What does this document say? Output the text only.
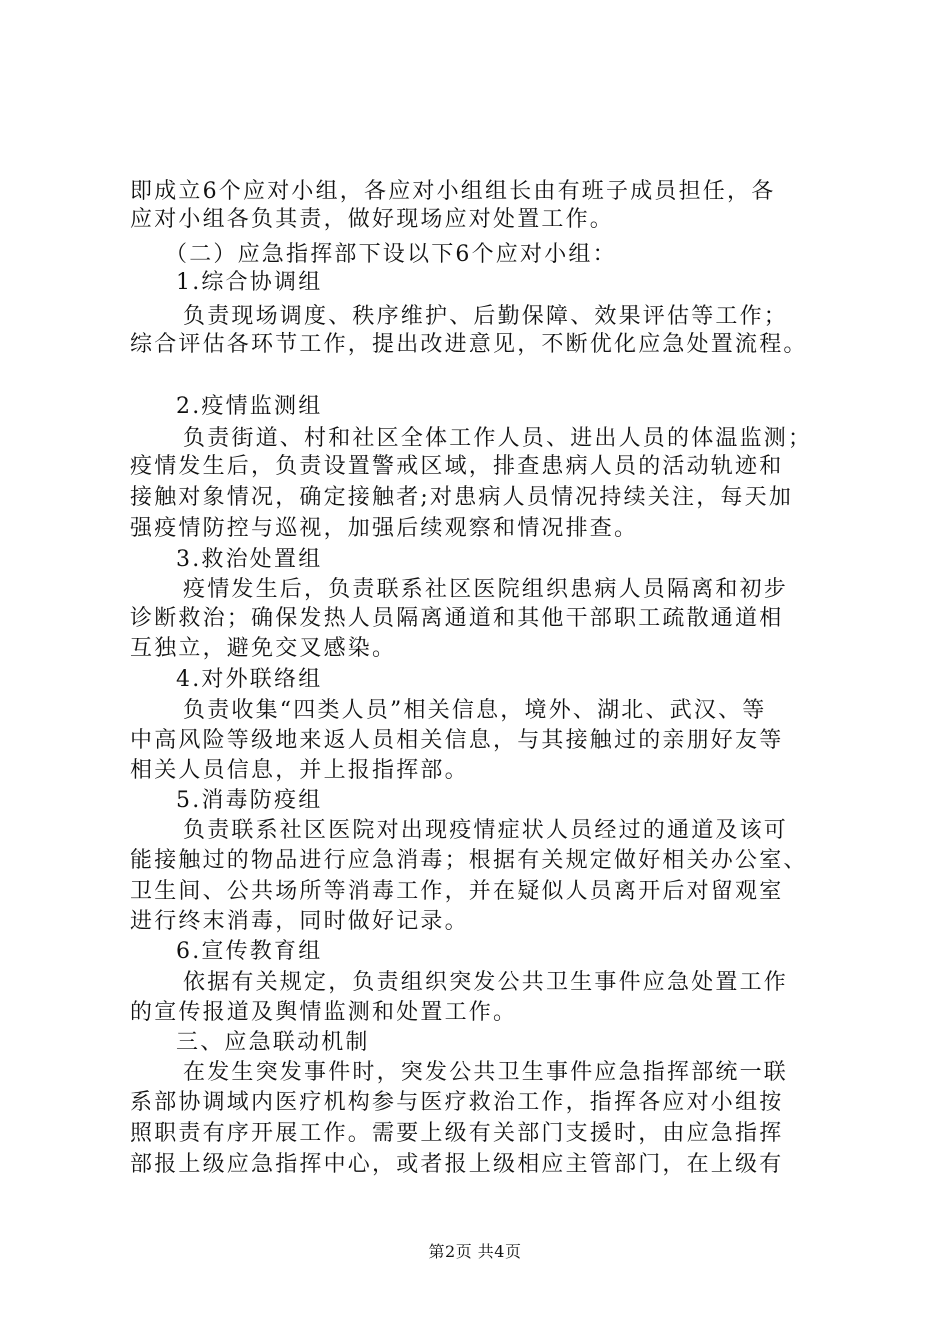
即成立6个应对小组，各应对小组组长由有班子成员担任，各
应对小组各负其责，做好现场应对处置工作。
（二）应急指挥部下设以下6个应对小组：
1.综合协调组
负责现场调度、秩序维护、后勤保障、效果评估等工作；
综合评估各环节工作，提出改进意见，不断优化应急处置流程。
2.疫情监测组
负责街道、村和社区全体工作人员、进出人员的体温监测；
疫情发生后，负责设置警戒区域，排查患病人员的活动轨迹和
接触对象情况，确定接触者;对患病人员情况持续关注，每天加
强疫情防控与巡视，加强后续观察和情况排查。
3.救治处置组
疫情发生后，负责联系社区医院组织患病人员隔离和初步
诊断救治；确保发热人员隔离通道和其他干部职工疏散通道相
互独立，避免交叉感染。
4.对外联络组
负责收集“四类人员”相关信息，境外、湖北、武汉、等
中高风险等级地来返人员相关信息，与其接触过的亲朋好友等
相关人员信息，并上报指挥部。
5.消毒防疫组
负责联系社区医院对出现疫情症状人员经过的通道及该可
能接触过的物品进行应急消毒；根据有关规定做好相关办公室、
卫生间、公共场所等消毒工作，并在疑似人员离开后对留观室
进行终末消毒，同时做好记录。
6.宣传教育组
依据有关规定，负责组织突发公共卫生事件应急处置工作
的宣传报道及舆情监测和处置工作。
三、应急联动机制
在发生突发事件时，突发公共卫生事件应急指挥部统一联
系部协调域内医疗机构参与医疗救治工作，指挥各应对小组按
照职责有序开展工作。需要上级有关部门支援时，由应急指挥
部报上级应急指挥中心，或者报上级相应主管部门，在上级有
第2页 共4页
